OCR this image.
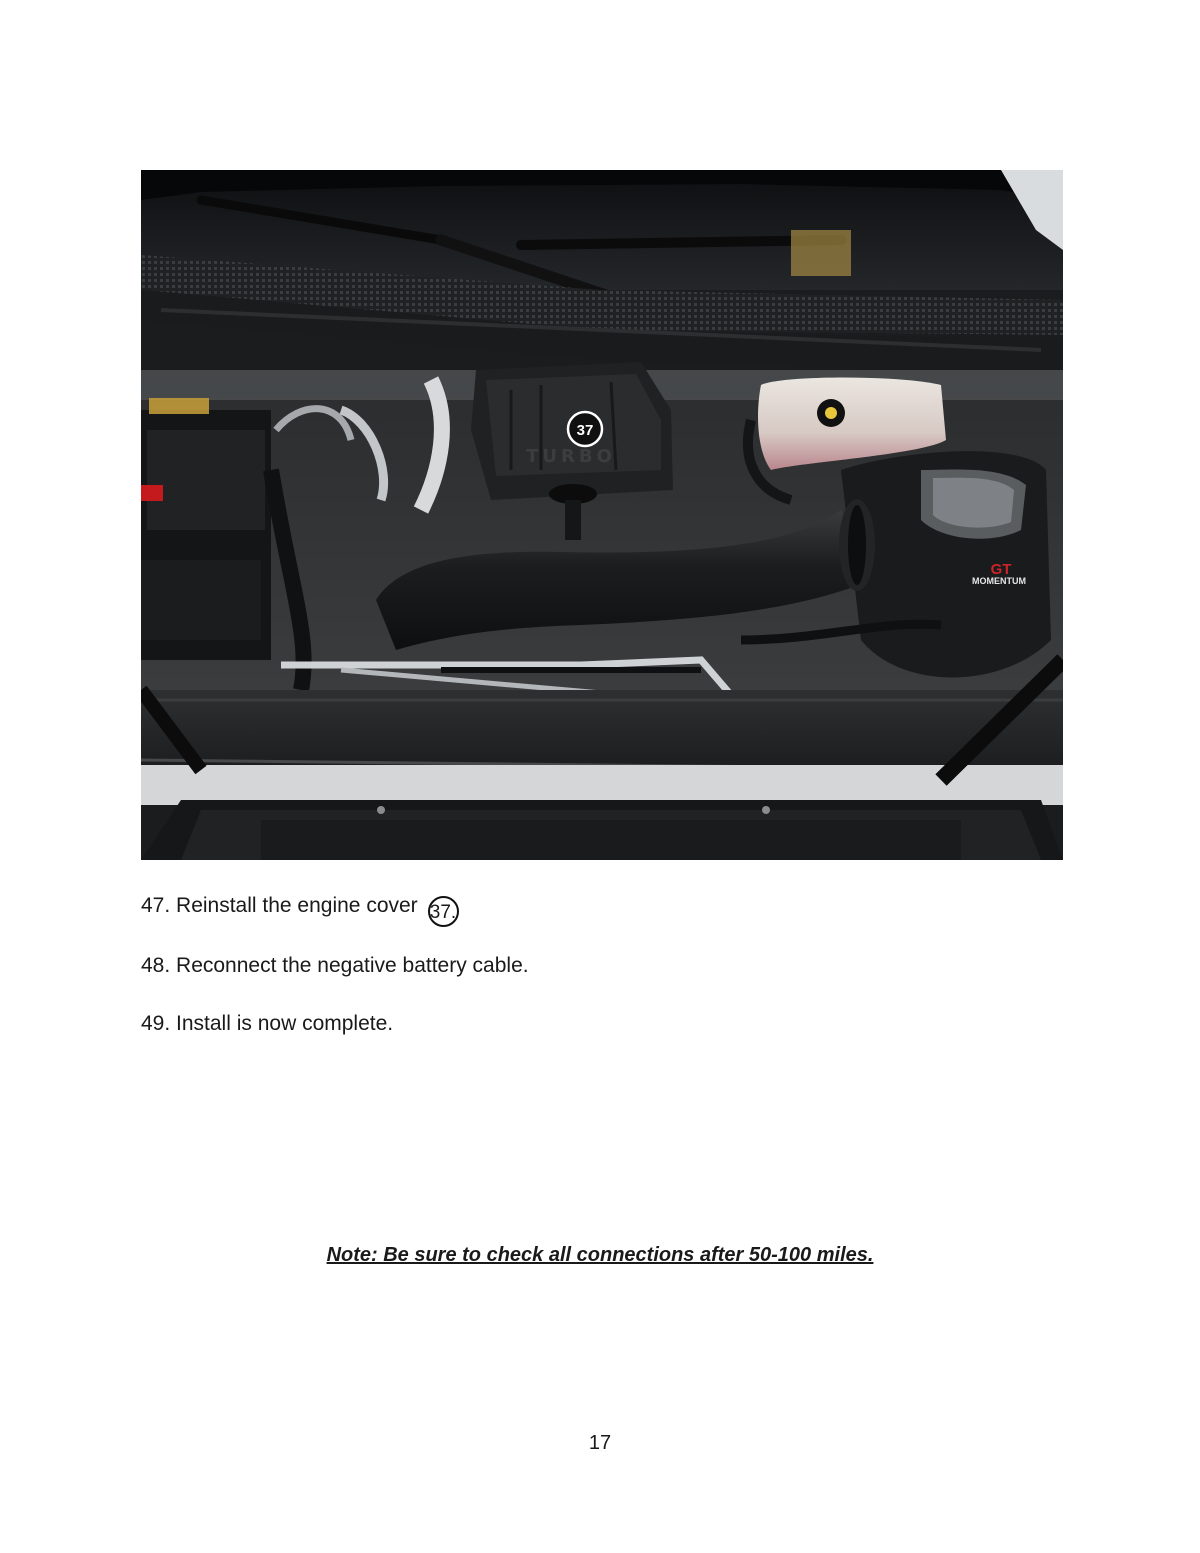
TURBO
37
GT
MOMENTUM
47. Reinstall the engine cover 37.
48. Reconnect the negative battery cable.
49. Install is now complete.
Note: Be sure to check all connections after 50-100 miles.
17
